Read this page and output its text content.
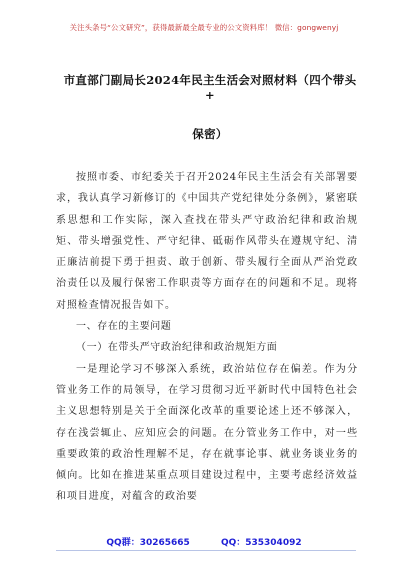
关注头条号“公文研究”，获得最新最全最专业的公文资料库！ 微信：gongwenyj
市直部门副局长2024年民主生活会对照材料（四个带头+
保密）

按照市委、市纪委关于召开2024年民主生活会有关部署要求，我认真学习新修订的《中国共产党纪律处分条例》，紧密联系思想和工作实际，深入查找在带头严守政治纪律和政治规矩、带头增强党性、严守纪律、砥砺作风带头在遵规守纪、清正廉洁前提下勇于担责、敢于创新、带头履行全面从严治党政治责任以及履行保密工作职责等方面存在的问题和不足。现将对照检查情况报告如下。

一、存在的主要问题

（一）在带头严守政治纪律和政治规矩方面

一是理论学习不够深入系统，政治站位存在偏差。作为分管业务工作的局领导，在学习贯彻习近平新时代中国特色社会主义思想特别是关于全面深化改革的重要论述上还不够深入，存在浅尝辄止、应知应会的问题。在分管业务工作中，对一些重要政策的政治性理解不足，存在就事论事、就业务谈业务的倾向。比如在推进某重点项目建设过程中，主要考虑经济效益和项目进度，对蕴含的政治要

QQ群：30265665	QQ：535304092
